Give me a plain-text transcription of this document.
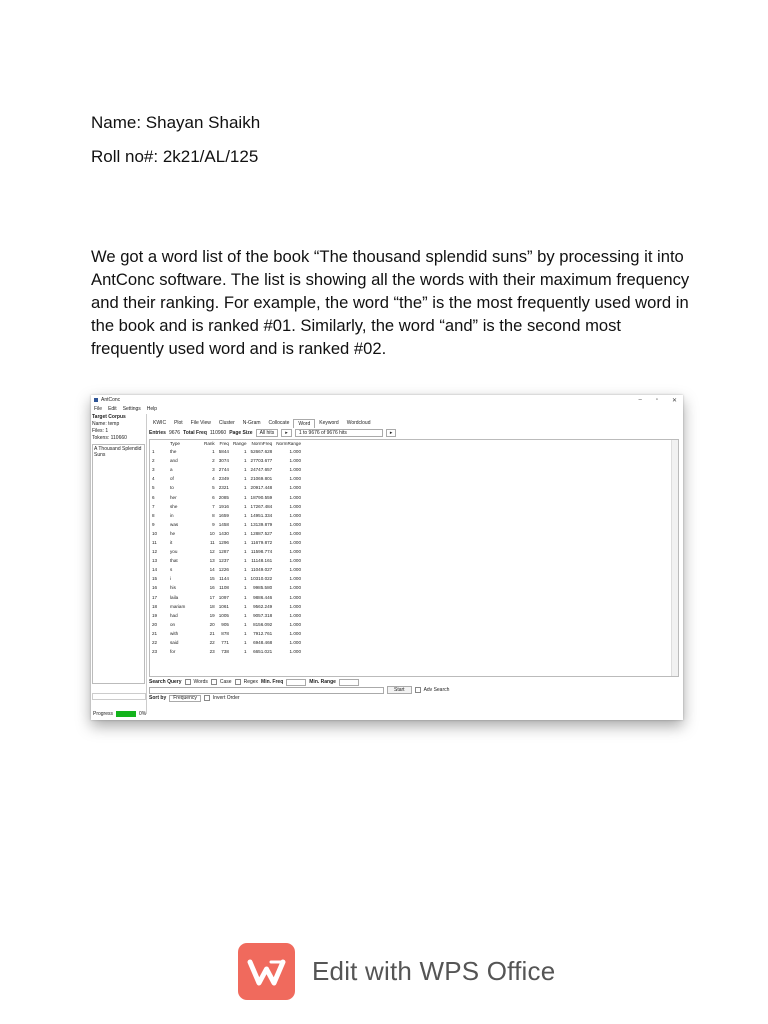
Name: Shayan Shaikh
Roll no#: 2k21/AL/125

We got a word list of the book “The thousand splendid suns” by processing it into AntConc software. The list is showing all the words with their maximum frequency and their ranking. For example, the word “the” is the most frequently used word in the book and is ranked #01. Similarly, the word “and” is the second most frequently used word and is ranked #02.

AntConc	– ▫ ✕
File Edit Settings Help
Target Corpus
Name: temp
Files: 1
Tokens: 110660
A Thousand Splendid Suns
KWIC	Plot	File View	Cluster	N-Gram	Collocate	Word	Keyword	Wordcloud
Entries 9676 Total Freq 110960 Page Size	All hits	▸	1 to 9676 of 9676 hits	▸
	Type	Rank	Freq	Range	NormFreq	NormRange
1	the	1	5844	1	52667.628	1.000
2	and	2	3074	1	27703.677	1.000
3	a	3	2744	1	24747.657	1.000
4	of	4	2349	1	21069.801	1.000
5	to	5	2321	1	20917.448	1.000
6	her	6	2085	1	18790.559	1.000
7	she	7	1916	1	17267.484	1.000
8	in	8	1659	1	14951.334	1.000
9	was	9	1458	1	13139.879	1.000
10	he	10	1430	1	12887.527	1.000
11	it	11	1296	1	11679.872	1.000
12	you	12	1287	1	11598.774	1.000
13	that	13	1237	1	11148.161	1.000
14	s	14	1226	1	11049.027	1.000
15	i	15	1144	1	10310.022	1.000
16	his	16	1108	1	9985.580	1.000
17	laila	17	1097	1	9886.446	1.000
18	mariam	18	1061	1	9562.249	1.000
19	had	19	1005	1	9057.318	1.000
20	on	20	905	1	8156.092	1.000
21	with	21	878	1	7912.761	1.000
22	said	22	771	1	6948.468	1.000
23	for	23	738	1	6651.021	1.000
Search Query Words Case Regex Min. Freq	Min. Range
Start	Adv Search
Sort by	Frequency	Invert Order
Progress	0%
Edit with WPS Office
